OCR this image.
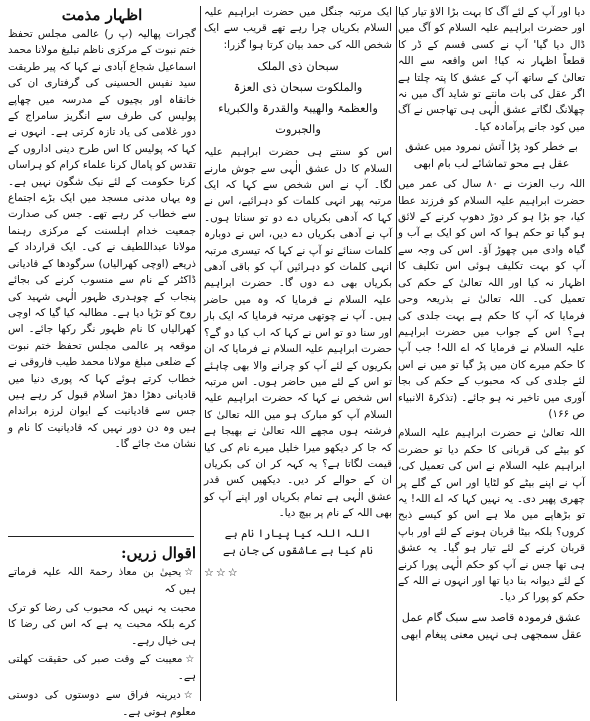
دیا اور آپ کے لئے آگ کا بہت بڑا الاؤ تیار کیا اور حضرت ابراہیم علیہ السلام کو آگ میں ڈال دیا گیا' آپ نے کسی قسم کے ڈر کا قطعاً اظہار نہ کیا! اس واقعہ سے اللہ تعالیٰ کے ساتھ آپ کے عشق کا پتہ چلتا ہے اگر عقل کی بات مانتے تو شاید آگ میں نہ چھلانگ لگاتے عشق الٰہی ہی تھاجس نے آگ میں کود جانے پرآمادہ کیا۔

بے خطر کود پڑا آتش نمرود میں عشق
عقل ہے محو تماشائے لب بام ابھی

اللہ رب العزت نے ۸۰ سال کی عمر میں حضرت ابراہیم علیہ السلام کو فرزند عطا کیا، جو بڑا ہو کر دوڑ دھوپ کرنے کے لائق ہو گیا تو حکم ہوا کہ اس کو ایک بے آب و گیاہ وادی میں چھوڑ آؤ۔ اس کی وجہ سے آپ کو بہت تکلیف ہوئی اس تکلیف کا اظہار نہ کیا اور اللہ تعالیٰ کے حکم کی تعمیل کی۔ اللہ تعالیٰ نے بذریعہ وحی فرمایا کہ آپ کا حکم ہے بہت جلدی کی ہے؟ اس کے جواب میں حضرت ابراہیم علیہ السلام نے فرمایا کہ اے اللہ! جب آپ کا حکم میرے کان میں پڑ گیا تو میں نے اس لئے جلدی کی کہ محبوب کے حکم کی بجا آوری میں تاخیر نہ ہو جائے۔ (تذکرۃ الانبیاء ص ۱۶۶)

اللہ تعالیٰ نے حضرت ابراہیم علیہ السلام کو بیٹے کی قربانی کا حکم دیا تو حضرت ابراہیم علیہ السلام نے اس کی تعمیل کی، آپ نے اپنے بیٹے کو لٹایا اور اس کے گلے پر چھری پھیر دی۔ یہ نہیں کہا کہ اے اللہ! یہ تو بڑھاپے میں ملا ہے اس کو کیسے ذبح کروں؟ بلکہ بیٹا قربان ہونے کے لئے اور باپ قربان کرنے کے لئے تیار ہو گیا۔ یہ عشق ہی تھا جس نے آپ کو حکم الٰہی پورا کرنے کے لئے دیوانہ بنا دیا تھا اور انہوں نے اللہ کے حکم کو پورا کر دیا۔

عشق فرمودہ قاصد سے سبک گام عمل
عقل سمجھی ہی نہیں معنی پیغام ابھی

ایک مرتبہ جنگل میں حضرت ابراہیم علیہ السلام بکریاں چرا رہے تھے قریب سے ایک شخص اللہ کی حمد بیان کرتا ہوا گزرا:

سبحان ذی الملک
والملکوت سبحان ذی العزۃ
والعظمۃ والھیبۃ والقدرۃ والکبریاء
والجبروت

اس کو سنتے ہی حضرت ابراہیم علیہ السلام کا دل عشق الٰہی سے جوش مارنے لگا۔ آپ نے اس شخص سے کہا کہ ایک مرتبہ پھر انہی کلمات کو دہرائیے، اس نے کہا کہ آدھی بکریاں دے دو تو سناتا ہوں۔ آپ نے آدھی بکریاں دے دیں، اس نے دوبارہ کلمات سنائے تو آپ نے کہا کہ تیسری مرتبہ انہی کلمات کو دہرائیں آپ کو باقی آدھی بکریاں بھی دے دوں گا۔ حضرت ابراہیم علیہ السلام نے فرمایا کہ وہ میں حاضر ہیں۔ آپ نے چوتھی مرتبہ فرمایا کہ ایک بار اور سنا دو تو اس نے کہا کہ اب کیا دو گے؟ حضرت ابراہیم علیہ السلام نے فرمایا کہ ان بکریوں کے لئے آپ کو چرانے والا بھی چاہئے تو اس کے لئے میں حاضر ہوں۔ اس مرتبہ اس شخص نے کہا کہ حضرت ابراہیم علیہ السلام آپ کو مبارک ہو میں اللہ تعالیٰ کا فرشتہ ہوں مجھے اللہ تعالیٰ نے بھیجا ہے کہ جا کر دیکھو میرا خلیل میرے نام کی کیا قیمت لگاتا ہے؟ یہ کہہ کر ان کی بکریاں ان کے حوالے کر دیں۔ دیکھیں کس قدر عشق الٰہی ہے تمام بکریاں اور اپنے آپ کو بھی اللہ کے نام پر بیچ دیا۔

اللہ اللہ کیا پیارا نام ہے
نام کیا ہے عاشقوں کی جان ہے
☆☆☆
اظہار مذمت

گجرات پھالیہ (پ ر) عالمی مجلس تحفظ ختم نبوت کے مرکزی ناظم تبلیغ مولانا محمد اسماعیل شجاع آبادی نے کہا کہ پیر طریقت سید نفیس الحسینی کی گرفتاری ان کی خانقاہ اور بچیوں کے مدرسہ میں چھاپے پولیس کی طرف سے انگریز سامراج کے دور غلامی کی یاد تازہ کرتی ہے۔ انہوں نے کہا کہ پولیس کا اس طرح دینی اداروں کے تقدس کو پامال کرنا علماء کرام کو ہراساں کرنا حکومت کے لئے نیک شگون نہیں ہے۔ وہ یہاں مدنی مسجد میں ایک بڑے اجتماع سے خطاب کر رہے تھے۔ جس کی صدارت جمعیت خدام اہلسنت کے مرکزی رہنما مولانا عبداللطیف نے کی۔ ایک قرارداد کے ذریعے (اوچی کھرالیاں) سرگودھا کے قادیانی ڈاکٹر کے نام سے منسوب کرنے کی بجائے پنجاب کے چوہدری ظہور الٰہی شہید کی روح کو تڑپا دیا ہے۔ مطالبہ کیا گیا کہ اوچی کھرالیاں کا نام ظہور نگر رکھا جائے۔ اس موقعہ پر عالمی مجلس تحفظ ختم نبوت کے ضلعی مبلغ مولانا محمد طیب فاروقی نے خطاب کرتے ہوئے کہا کہ پوری دنیا میں قادیانی دھڑا دھڑ اسلام قبول کر رہے ہیں جس سے قادیانیت کے ایوان لرزہ براندام ہیں وہ دن دور نہیں کہ قادیانیت کا نام و نشان مٹ جائے گا۔

اقوال زریں:
☆یحییٰ بن معاذ رحمۃ اللہ علیہ فرماتے ہیں کہ
محبت یہ نہیں کہ محبوب کی رضا کو ترک کرے بلکہ محبت یہ ہے کہ اس کی رضا کا ہی خیال رہے۔
☆معیبت کے وقت صبر کی حقیقت کھلتی ہے۔
☆دیرینہ فراق سے دوستوں کی دوستی معلوم ہوتی ہے۔
